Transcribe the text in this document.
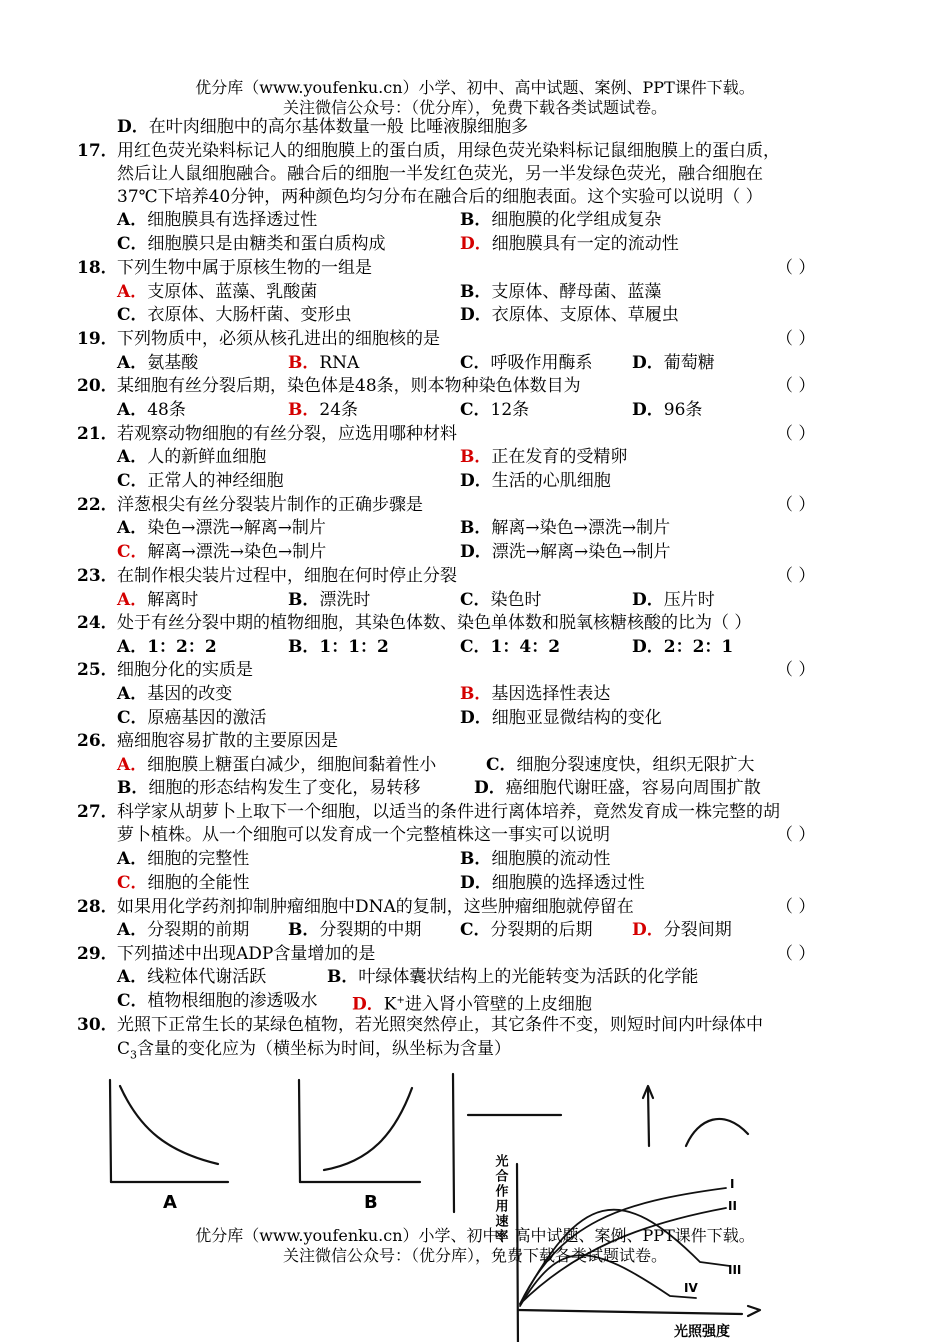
优分库（www.youfenku.cn）小学、初中、高中试题、案例、PPT课件下载。
关注微信公众号：（优分库），免费下载各类试题试卷。
D．在叶肉细胞中的高尔基体数量一般 比唾液腺细胞多
17． 用红色荧光染料标记人的细胞膜上的蛋白质，用绿色荧光染料标记鼠细胞膜上的蛋白质，
然后让人鼠细胞融合。融合后的细胞一半发红色荧光，另一半发绿色荧光，融合细胞在
37℃下培养40分钟，两种颜色均匀分布在融合后的细胞表面。这个实验可以说明（ ）
A．细胞膜具有选择透过性	B．细胞膜的化学组成复杂
C．细胞膜只是由糖类和蛋白质构成	D．细胞膜具有一定的流动性
18． 下列生物中属于原核生物的一组是	（ ）
A．支原体、蓝藻、乳酸菌	B．支原体、酵母菌、蓝藻
C．衣原体、大肠杆菌、变形虫	D．衣原体、支原体、草履虫
19． 下列物质中，必须从核孔进出的细胞核的是	（ ）
A．氨基酸	B．RNA	C．呼吸作用酶系 D．葡萄糖
20． 某细胞有丝分裂后期，染色体是48条，则本物种染色体数目为	（ ）
A．48条	B．24条	C．12条	D．96条
21． 若观察动物细胞的有丝分裂，应选用哪种材料	（ ）
A．人的新鲜血细胞	B．正在发育的受精卵
C．正常人的神经细胞	D．生活的心肌细胞
22． 洋葱根尖有丝分裂装片制作的正确步骤是	（ ）
A．染色→漂洗→解离→制片	B．解离→染色→漂洗→制片
C．解离→漂洗→染色→制片	D．漂洗→解离→染色→制片
23． 在制作根尖装片过程中，细胞在何时停止分裂	（ ）
A．解离时	B．漂洗时	C．染色时	D．压片时
24． 处于有丝分裂中期的植物细胞，其染色体数、染色单体数和脱氧核糖核酸的比为（ ）
A．1：2：2	B．1：1：2	C．1：4：2	D．2：2：1
25． 细胞分化的实质是	（ ）
A．基因的改变	B．基因选择性表达
C．原癌基因的激活	D．细胞亚显微结构的变化
26． 癌细胞容易扩散的主要原因是
A．细胞膜上糖蛋白减少，细胞间黏着性小	C．细胞分裂速度快，组织无限扩大
B．细胞的形态结构发生了变化，易转移	D．癌细胞代谢旺盛，容易向周围扩散
27． 科学家从胡萝卜上取下一个细胞，以适当的条件进行离体培养，竟然发育成一株完整的胡
萝卜植株。从一个细胞可以发育成一个完整植株这一事实可以说明	（ ）
A．细胞的完整性	B．细胞膜的流动性
C．细胞的全能性	D．细胞膜的选择透过性
28． 如果用化学药剂抑制肿瘤细胞中DNA的复制，这些肿瘤细胞就停留在	（ ）
A．分裂期的前期 B．分裂期的中期 C．分裂期的后期 D．分裂间期
29． 下列描述中出现ADP含量增加的是	（ ）
A．线粒体代谢活跃	B．叶绿体囊状结构上的光能转变为活跃的化学能
C．植物根细胞的渗透吸水 D．K+进入肾小管壁的上皮细胞
30． 光照下正常生长的某绿色植物，若光照突然停止，其它条件不变，则短时间内叶绿体中
$C_3$含量的变化应为（横坐标为时间，纵坐标为含量）
A	B	光合作用速率
光照强度
I
II
III
IV
优分库（www.youfenku.cn）小学、初中、高中试题、案例、PPT课件下载。
关注微信公众号：（优分库），免费下载各类试题试卷。
